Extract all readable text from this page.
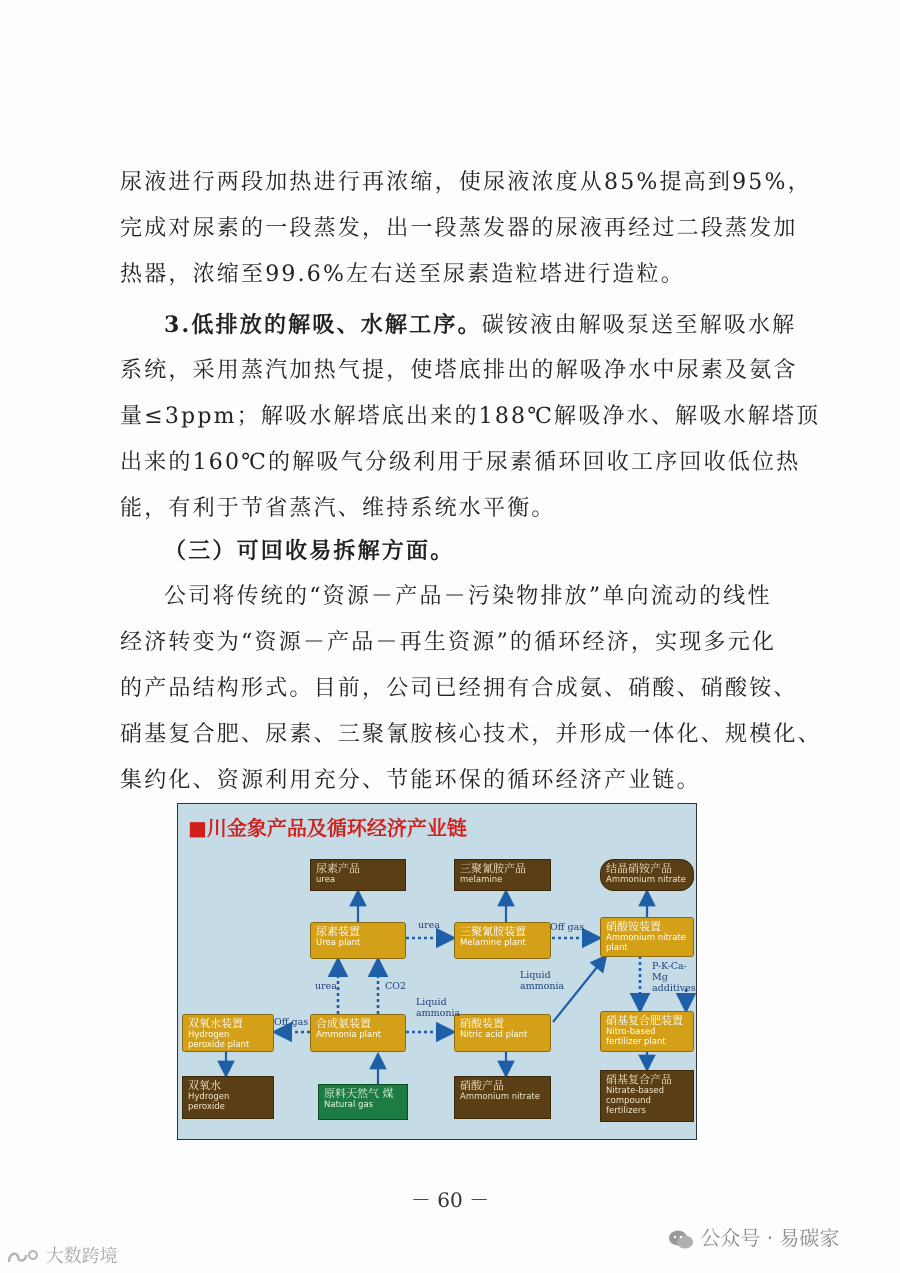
尿液进行两段加热进行再浓缩，使尿液浓度从85%提高到95%，
完成对尿素的一段蒸发，出一段蒸发器的尿液再经过二段蒸发加
热器，浓缩至99.6%左右送至尿素造粒塔进行造粒。
3.低排放的解吸、水解工序。碳铵液由解吸泵送至解吸水解
系统，采用蒸汽加热气提，使塔底排出的解吸净水中尿素及氨含
量≤3ppm；解吸水解塔底出来的188℃解吸净水、解吸水解塔顶
出来的160℃的解吸气分级利用于尿素循环回收工序回收低位热
能，有利于节省蒸汽、维持系统水平衡。
（三）可回收易拆解方面。
公司将传统的“资源－产品－污染物排放”单向流动的线性
经济转变为“资源－产品－再生资源”的循环经济，实现多元化
的产品结构形式。目前，公司已经拥有合成氨、硝酸、硝酸铵、
硝基复合肥、尿素、三聚氰胺核心技术，并形成一体化、规模化、
集约化、资源利用充分、节能环保的循环经济产业链。
■川金象产品及循环经济产业链
尿素产品
urea
三聚氰胺产品
melamine
结晶硝铵产品
Ammonium nitrate
尿素装置
Urea plant
三聚氰胺装置
Melamine plant
硝酸铵装置
Ammonium nitrate plant
双氧水装置
Hydrogen peroxide plant
合成氨装置
Ammonia plant
硝酸装置
Nitric acid plant
硝基复合肥装置
Nitro-based fertilizer plant
双氧水
Hydrogen peroxide
原料天然气 煤
Natural gas
硝酸产品
Ammonium nitrate
硝基复合产品
Nitrate-based compound fertilizers
urea	Off gas
urea	CO2
Liquid ammonia
Liquid ammonia
P-K-Ca-Mg additives
Off gas
－ 60 －
公众号 · 易碳家
大数跨境
